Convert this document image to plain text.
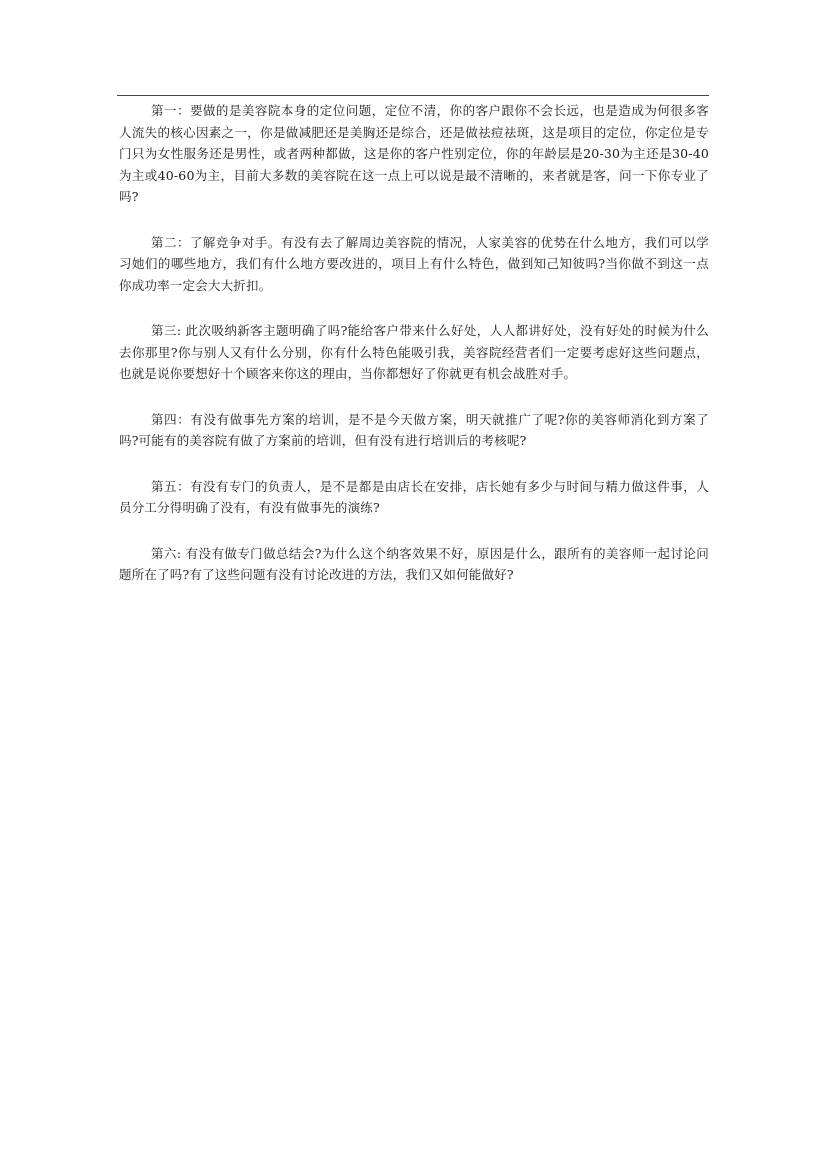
第一：要做的是美容院本身的定位问题，定位不清，你的客户跟你不会长远，也是造成为何很多客人流失的核心因素之一，你是做减肥还是美胸还是综合，还是做祛痘祛斑，这是项目的定位，你定位是专门只为女性服务还是男性，或者两种都做，这是你的客户性别定位，你的年龄层是20-30为主还是30-40为主或40-60为主，目前大多数的美容院在这一点上可以说是最不清晰的，来者就是客，问一下你专业了吗?

第二：了解竞争对手。有没有去了解周边美容院的情况，人家美容的优势在什么地方，我们可以学习她们的哪些地方，我们有什么地方要改进的，项目上有什么特色，做到知己知彼吗?当你做不到这一点你成功率一定会大大折扣。

第三: 此次吸纳新客主题明确了吗?能给客户带来什么好处，人人都讲好处，没有好处的时候为什么去你那里?你与别人又有什么分别，你有什么特色能吸引我，美容院经营者们一定要考虑好这些问题点，也就是说你要想好十个顾客来你这的理由，当你都想好了你就更有机会战胜对手。

第四：有没有做事先方案的培训，是不是今天做方案，明天就推广了呢?你的美容师消化到方案了吗?可能有的美容院有做了方案前的培训，但有没有进行培训后的考核呢?

第五：有没有专门的负责人，是不是都是由店长在安排，店长她有多少与时间与精力做这件事，人员分工分得明确了没有，有没有做事先的演练?

第六: 有没有做专门做总结会?为什么这个纳客效果不好，原因是什么，跟所有的美容师一起讨论问题所在了吗?有了这些问题有没有讨论改进的方法，我们又如何能做好?
